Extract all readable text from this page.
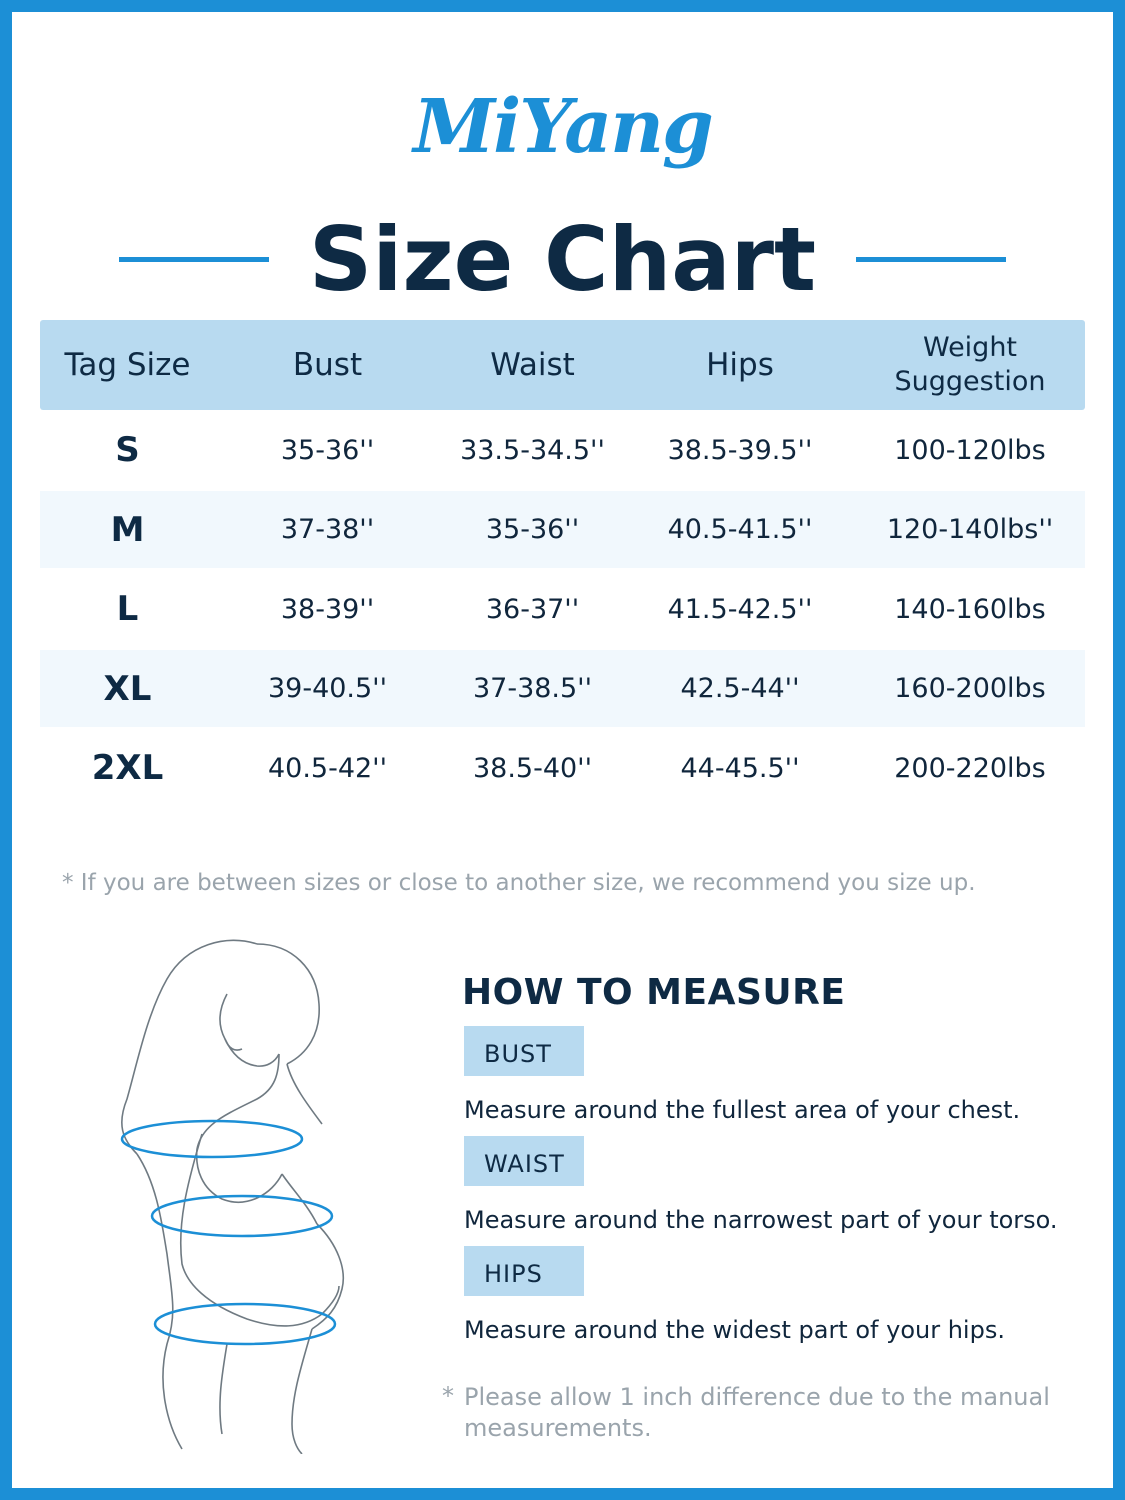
MiYang
Size Chart
Tag Size	Bust	Waist	Hips	Weight
Suggestion
S	35-36''	33.5-34.5''	38.5-39.5''	100-120lbs
M	37-38''	35-36''	40.5-41.5''	120-140lbs''
L	38-39''	36-37''	41.5-42.5''	140-160lbs
XL	39-40.5''	37-38.5''	42.5-44''	160-200lbs
2XL	40.5-42''	38.5-40''	44-45.5''	200-220lbs
* If you are between sizes or close to another size, we recommend you size up.
HOW TO MEASURE
BUST
Measure around the fullest area of your chest.
WAIST
Measure around the narrowest part of your torso.
HIPS
Measure around the widest part of your hips.
* Please allow 1 inch difference due to the manual measurements.
